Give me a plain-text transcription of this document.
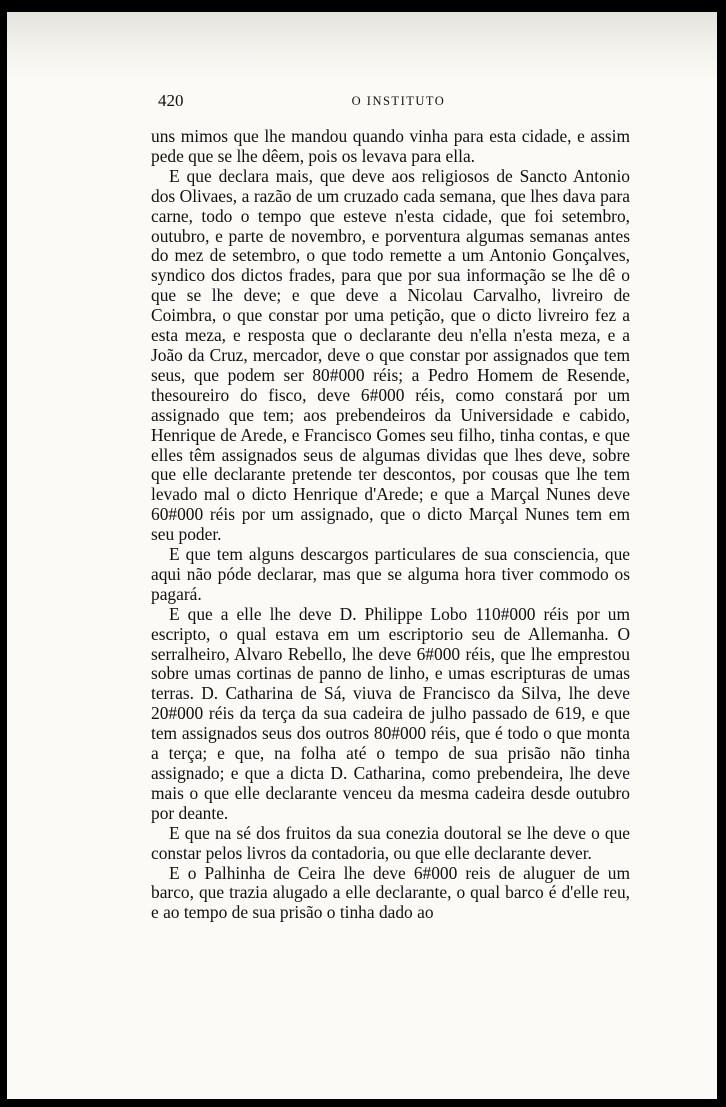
420	O INSTITUTO

uns mimos que lhe mandou quando vinha para esta cidade, e assim pede que se lhe dêem, pois os levava para ella.

E que declara mais, que deve aos religiosos de Sancto Antonio dos Olivaes, a razão de um cruzado cada semana, que lhes dava para carne, todo o tempo que esteve n'esta cidade, que foi setembro, outubro, e parte de novembro, e porventura algumas semanas antes do mez de setembro, o que todo remette a um Antonio Gonçalves, syndico dos dictos frades, para que por sua informação se lhe dê o que se lhe deve; e que deve a Nicolau Carvalho, livreiro de Coimbra, o que constar por uma petição, que o dicto livreiro fez a esta meza, e resposta que o declarante deu n'ella n'esta meza, e a João da Cruz, mercador, deve o que constar por assignados que tem seus, que podem ser 80#000 réis; a Pedro Homem de Resende, thesoureiro do fisco, deve 6#000 réis, como constará por um assignado que tem; aos prebendeiros da Universidade e cabido, Henrique de Arede, e Francisco Gomes seu filho, tinha contas, e que elles têm assignados seus de algumas dividas que lhes deve, sobre que elle declarante pretende ter descontos, por cousas que lhe tem levado mal o dicto Henrique d'Arede; e que a Marçal Nunes deve 60#000 réis por um assignado, que o dicto Marçal Nunes tem em seu poder.

E que tem alguns descargos particulares de sua consciencia, que aqui não póde declarar, mas que se alguma hora tiver commodo os pagará.

E que a elle lhe deve D. Philippe Lobo 110#000 réis por um escripto, o qual estava em um escriptorio seu de Allemanha. O serralheiro, Alvaro Rebello, lhe deve 6#000 réis, que lhe emprestou sobre umas cortinas de panno de linho, e umas escripturas de umas terras. D. Catharina de Sá, viuva de Francisco da Silva, lhe deve 20#000 réis da terça da sua cadeira de julho passado de 619, e que tem assignados seus dos outros 80#000 réis, que é todo o que monta a terça; e que, na folha até o tempo de sua prisão não tinha assignado; e que a dicta D. Catharina, como prebendeira, lhe deve mais o que elle declarante venceu da mesma cadeira desde outubro por deante.

E que na sé dos fruitos da sua conezia doutoral se lhe deve o que constar pelos livros da contadoria, ou que elle declarante dever.

E o Palhinha de Ceira lhe deve 6#000 reis de aluguer de um barco, que trazia alugado a elle declarante, o qual barco é d'elle reu, e ao tempo de sua prisão o tinha dado ao
